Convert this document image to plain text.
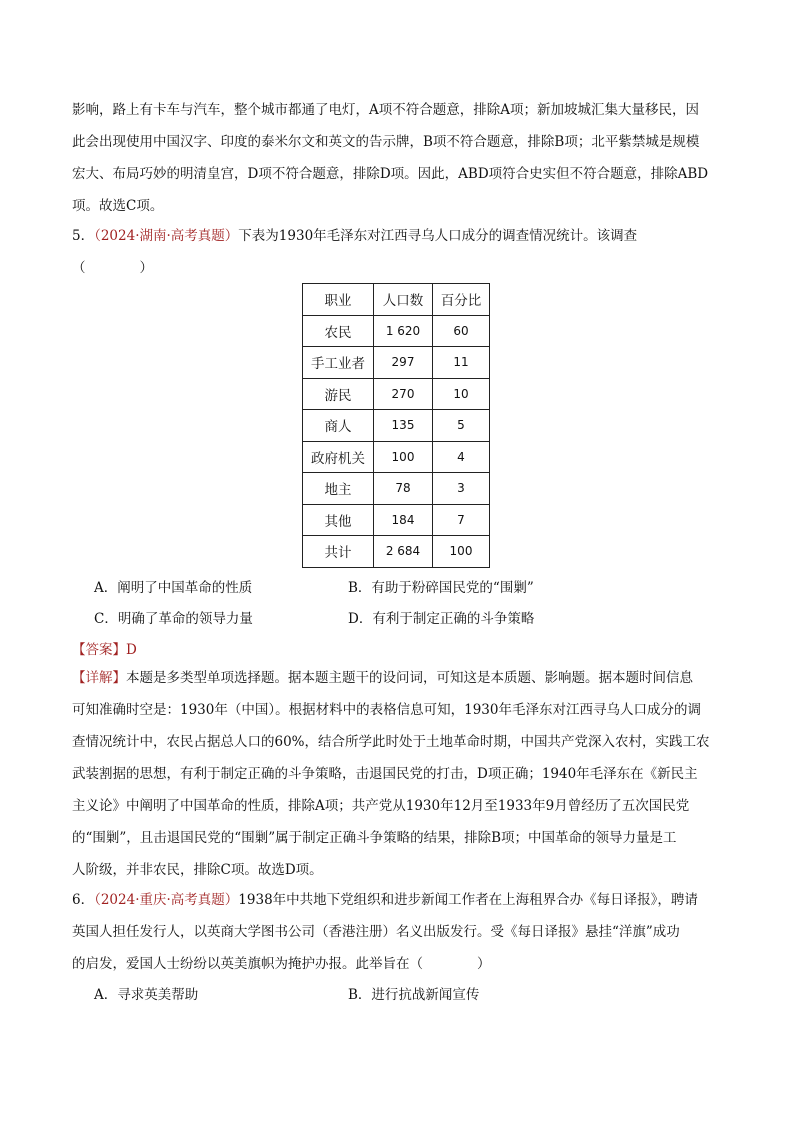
影响，路上有卡车与汽车，整个城市都通了电灯，A项不符合题意，排除A项；新加坡城汇集大量移民，因

此会出现使用中国汉字、印度的泰米尔文和英文的告示牌，B项不符合题意，排除B项；北平紫禁城是规模

宏大、布局巧妙的明清皇宫，D项不符合题意，排除D项。因此，ABD项符合史实但不符合题意，排除ABD

项。故选C项。

5．（2024·湖南·高考真题）下表为1930年毛泽东对江西寻乌人口成分的调查情况统计。该调查

（　　　　）

职业	人口数	百分比
农民	1 620	60
手工业者	297	11
游民	270	10
商人	135	5
政府机关	100	4
地主	78	3
其他	184	7
共计	2 684	100
A．阐明了中国革命的性质	B．有助于粉碎国民党的“围剿”
C．明确了革命的领导力量	D．有利于制定正确的斗争策略
【答案】D

【详解】本题是多类型单项选择题。据本题主题干的设问词，可知这是本质题、影响题。据本题时间信息

可知准确时空是：1930年（中国）。根据材料中的表格信息可知，1930年毛泽东对江西寻乌人口成分的调

查情况统计中，农民占据总人口的60%，结合所学此时处于土地革命时期，中国共产党深入农村，实践工农

武装割据的思想，有利于制定正确的斗争策略，击退国民党的打击，D项正确；1940年毛泽东在《新民主

主义论》中阐明了中国革命的性质，排除A项；共产党从1930年12月至1933年9月曾经历了五次国民党

的“围剿”，且击退国民党的“围剿”属于制定正确斗争策略的结果，排除B项；中国革命的领导力量是工

人阶级，并非农民，排除C项。故选D项。

6．（2024·重庆·高考真题）1938年中共地下党组织和进步新闻工作者在上海租界合办《每日译报》，聘请

英国人担任发行人，以英商大学图书公司（香港注册）名义出版发行。受《每日译报》悬挂“洋旗”成功

的启发，爱国人士纷纷以英美旗帜为掩护办报。此举旨在（　　　　）

A．寻求英美帮助	B．进行抗战新闻宣传
